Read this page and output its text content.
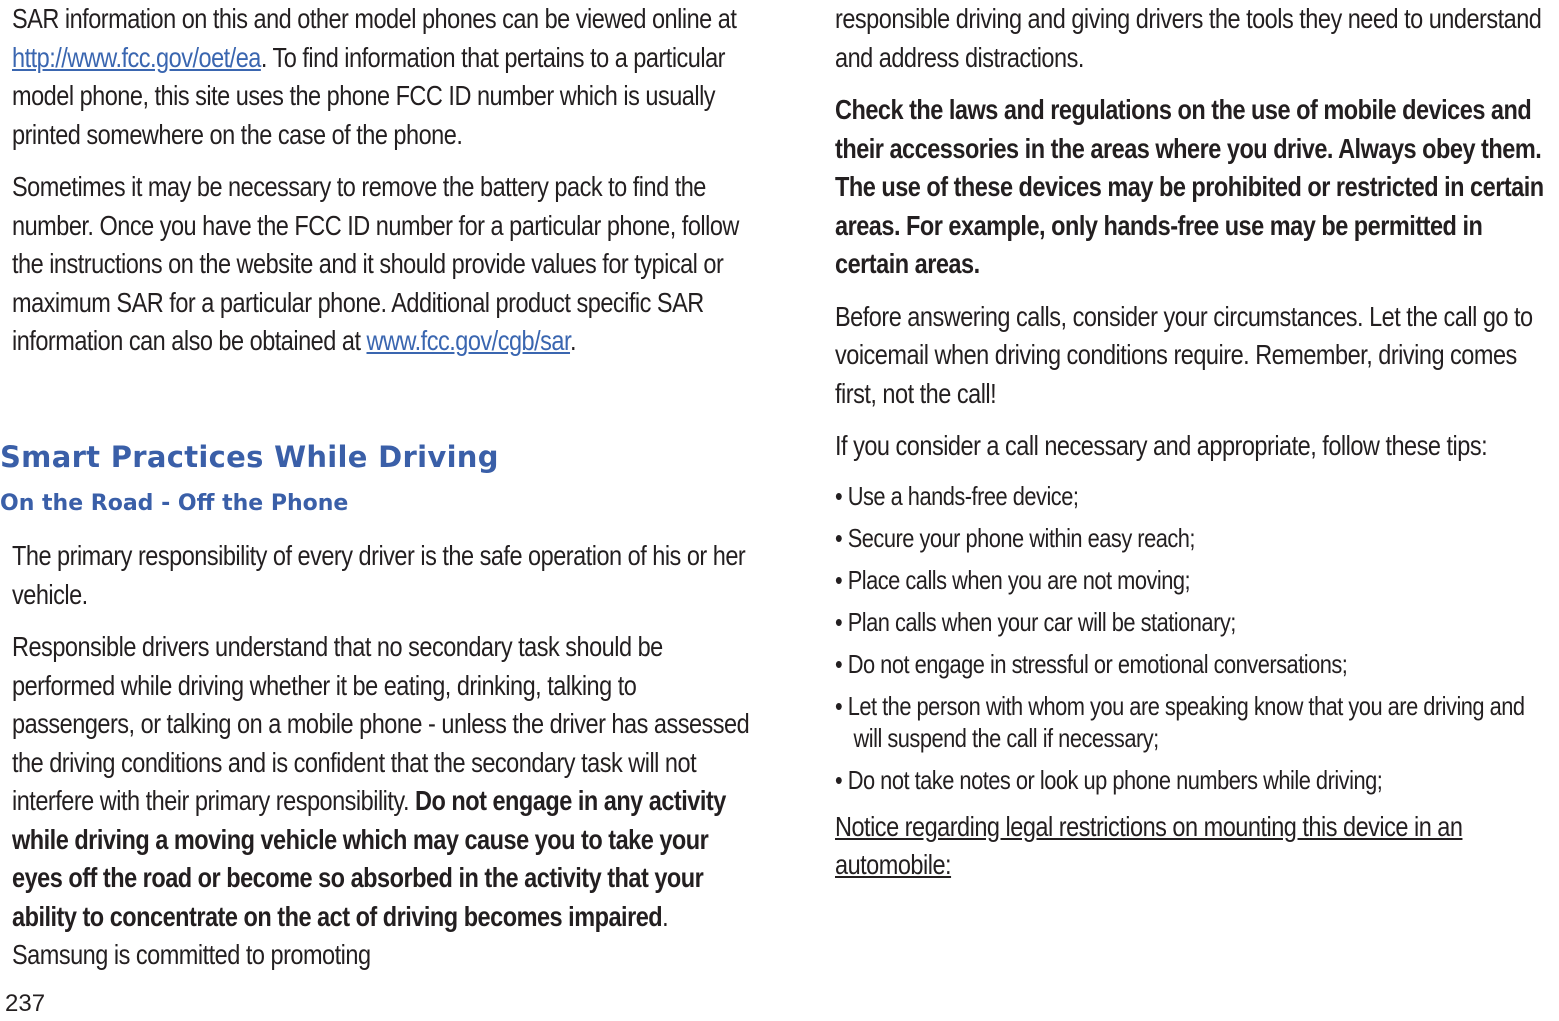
SAR information on this and other model phones can be viewed online at http://www.fcc.gov/oet/ea. To find information that pertains to a particular model phone, this site uses the phone FCC ID number which is usually printed somewhere on the case of the phone.

Sometimes it may be necessary to remove the battery pack to find the number. Once you have the FCC ID number for a particular phone, follow the instructions on the website and it should provide values for typical or maximum SAR for a particular phone. Additional product specific SAR information can also be obtained at www.fcc.gov/cgb/sar.

Smart Practices While Driving
On the Road - Off the Phone

The primary responsibility of every driver is the safe operation of his or her vehicle.

Responsible drivers understand that no secondary task should be performed while driving whether it be eating, drinking, talking to passengers, or talking on a mobile phone - unless the driver has assessed the driving conditions and is confident that the secondary task will not interfere with their primary responsibility. Do not engage in any activity while driving a moving vehicle which may cause you to take your eyes off the road or become so absorbed in the activity that your ability to concentrate on the act of driving becomes impaired. Samsung is committed to promoting

responsible driving and giving drivers the tools they need to understand and address distractions.

Check the laws and regulations on the use of mobile devices and their accessories in the areas where you drive. Always obey them. The use of these devices may be prohibited or restricted in certain areas. For example, only hands-free use may be permitted in certain areas.

Before answering calls, consider your circumstances. Let the call go to voicemail when driving conditions require. Remember, driving comes first, not the call!

If you consider a call necessary and appropriate, follow these tips:

• Use a hands-free device;
• Secure your phone within easy reach;
• Place calls when you are not moving;
• Plan calls when your car will be stationary;
• Do not engage in stressful or emotional conversations;
• Let the person with whom you are speaking know that you are driving and will suspend the call if necessary;
• Do not take notes or look up phone numbers while driving;

Notice regarding legal restrictions on mounting this device in an automobile:

237
